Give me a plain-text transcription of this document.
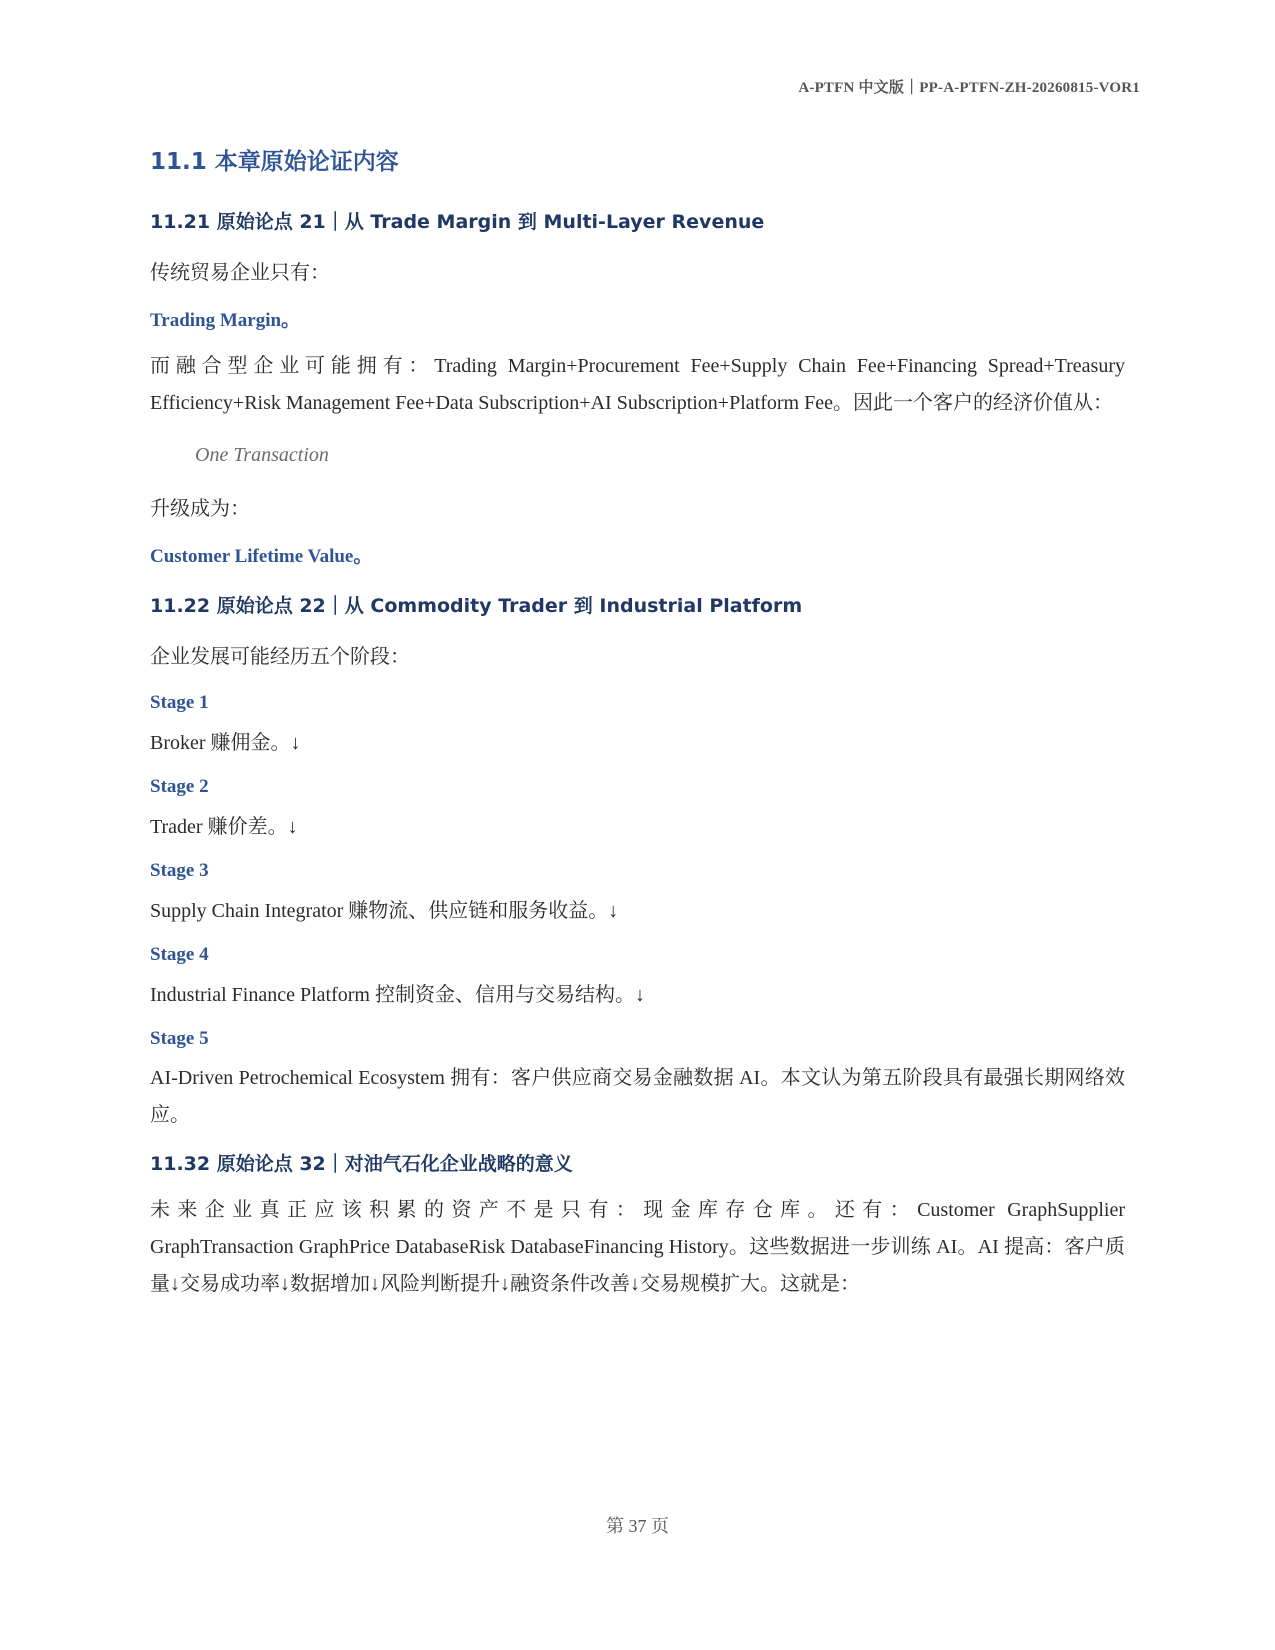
A-PTFN 中文版｜PP-A-PTFN-ZH-20260815-VOR1
11.1 本章原始论证内容
11.21 原始论点 21｜从 Trade Margin 到 Multi-Layer Revenue
传统贸易企业只有：
Trading Margin。
而融合型企业可能拥有：Trading Margin+Procurement Fee+Supply Chain Fee+Financing Spread+Treasury Efficiency+Risk Management Fee+Data Subscription+AI Subscription+Platform Fee。因此一个客户的经济价值从：
One Transaction
升级成为：
Customer Lifetime Value。
11.22 原始论点 22｜从 Commodity Trader 到 Industrial Platform
企业发展可能经历五个阶段：
Stage 1
Broker 赚佣金。↓
Stage 2
Trader 赚价差。↓
Stage 3
Supply Chain Integrator 赚物流、供应链和服务收益。↓
Stage 4
Industrial Finance Platform 控制资金、信用与交易结构。↓
Stage 5
AI-Driven Petrochemical Ecosystem 拥有：客户供应商交易金融数据 AI。本文认为第五阶段具有最强长期网络效应。
11.32 原始论点 32｜对油气石化企业战略的意义
未来企业真正应该积累的资产不是只有：现金库存仓库。还有：Customer GraphSupplier
GraphTransaction GraphPrice DatabaseRisk DatabaseFinancing History。这些数据进一步训练 AI。AI 提高：客户质量↓交易成功率↓数据增加↓风险判断提升↓融资条件改善↓交易规模扩大。这就是：
第 37 页
